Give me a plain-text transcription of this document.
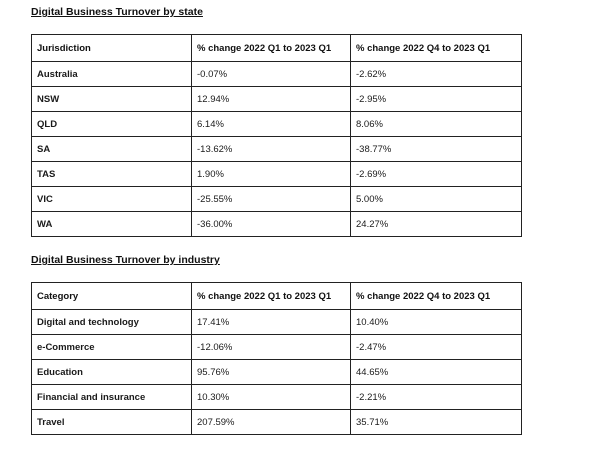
Digital Business Turnover by state
Jurisdiction	% change 2022 Q1 to 2023 Q1	% change 2022 Q4 to 2023 Q1
Australia	-0.07%	-2.62%
NSW	12.94%	-2.95%
QLD	6.14%	8.06%
SA	-13.62%	-38.77%
TAS	1.90%	-2.69%
VIC	-25.55%	5.00%
WA	-36.00%	24.27%
Digital Business Turnover by industry
Category	% change 2022 Q1 to 2023 Q1	% change 2022 Q4 to 2023 Q1
Digital and technology	17.41%	10.40%
e-Commerce	-12.06%	-2.47%
Education	95.76%	44.65%
Financial and insurance	10.30%	-2.21%
Travel	207.59%	35.71%
